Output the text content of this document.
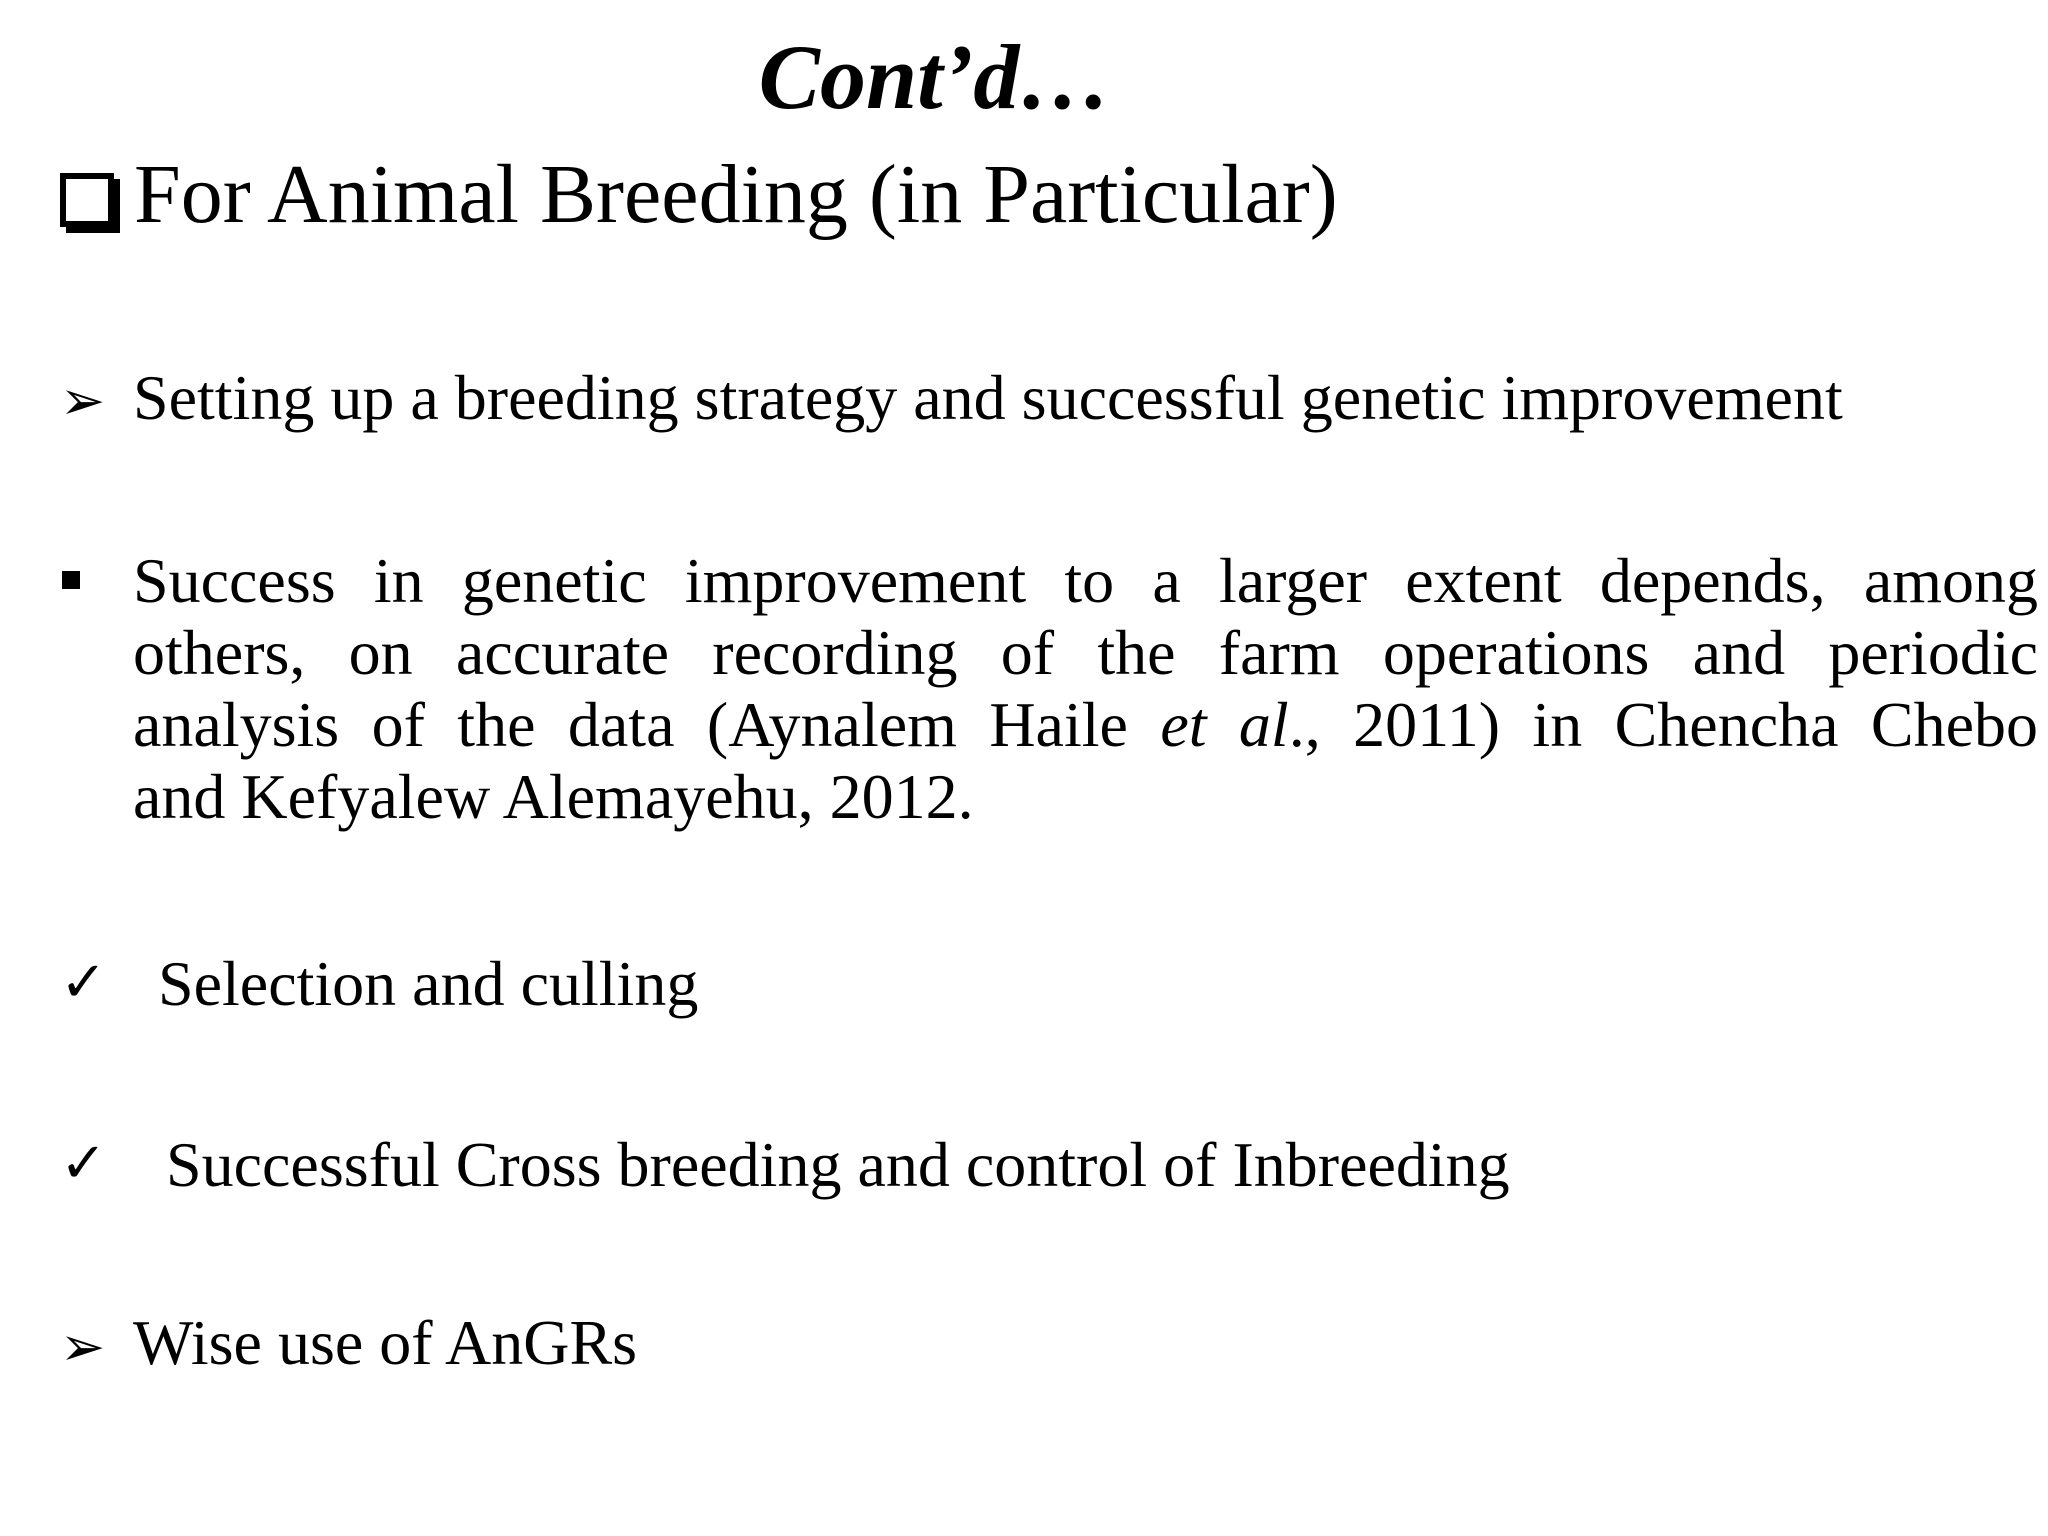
Cont’d…
For Animal Breeding (in Particular)
➢ Setting up a breeding strategy and successful genetic improvement
Success in genetic improvement to a larger extent depends, among
others, on accurate recording of the farm operations and periodic
analysis of the data (Aynalem Haile et al., 2011) in Chencha Chebo
and Kefyalew Alemayehu, 2012.
✓ Selection and culling
✓ Successful Cross breeding and control of Inbreeding
➢ Wise use of AnGRs
